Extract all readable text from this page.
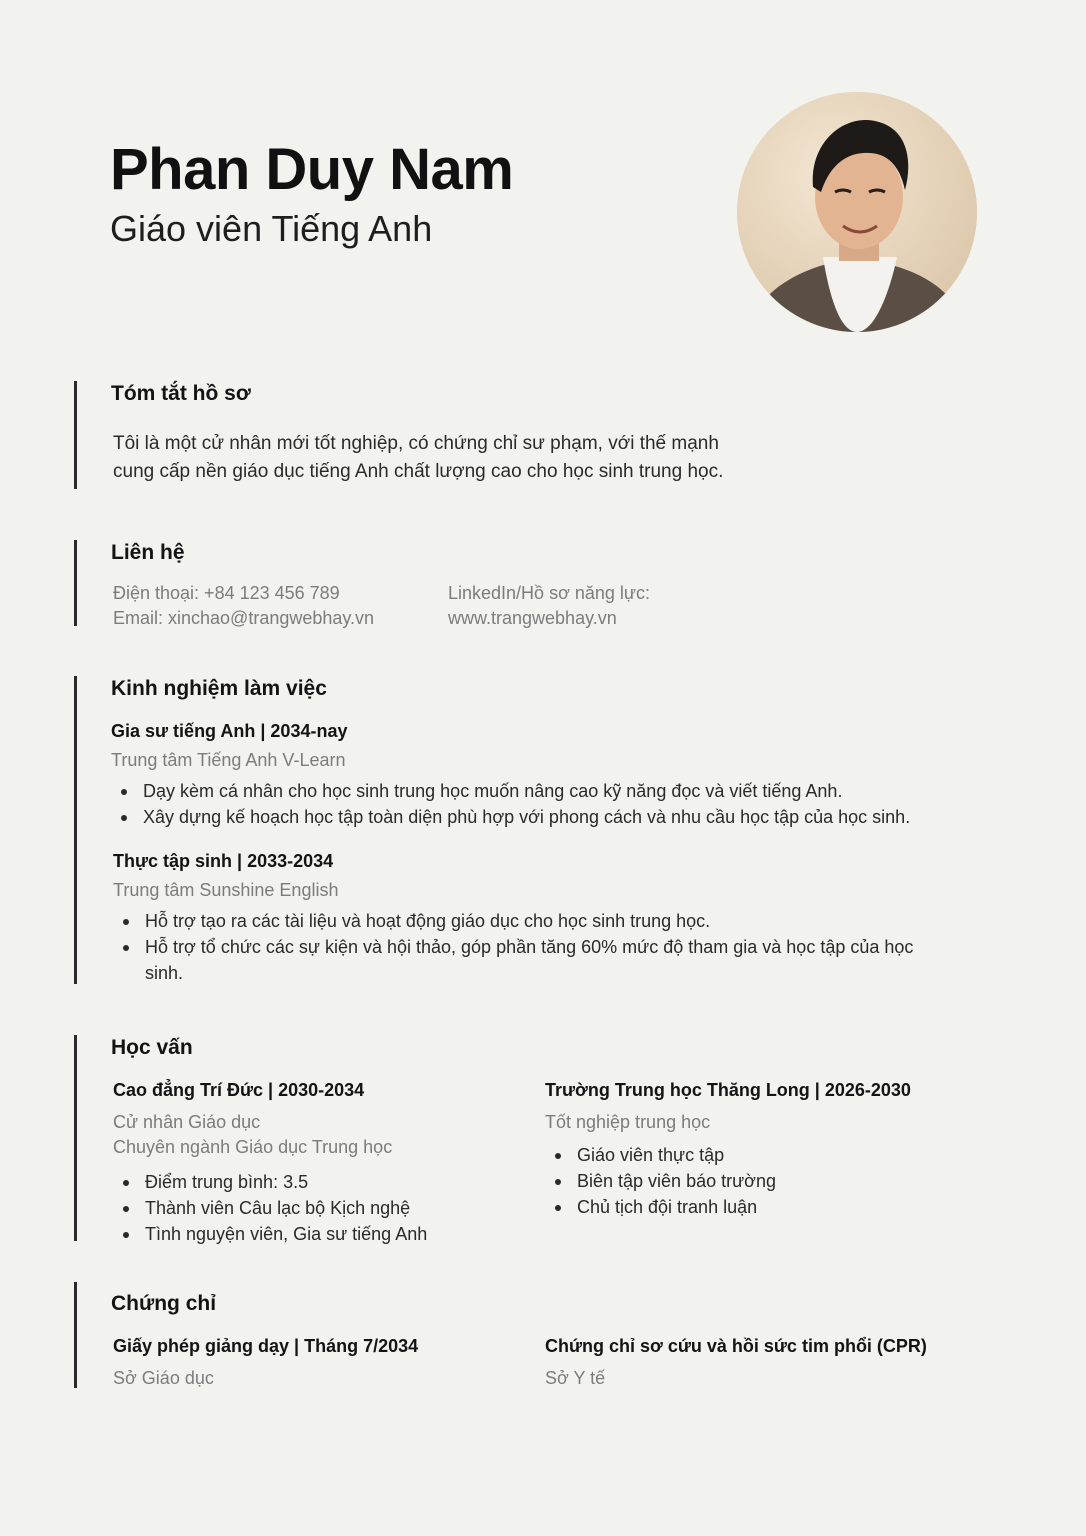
Phan Duy Nam
Giáo viên Tiếng Anh
Tóm tắt hồ sơ
Tôi là một cử nhân mới tốt nghiệp, có chứng chỉ sư phạm, với thế mạnh
cung cấp nền giáo dục tiếng Anh chất lượng cao cho học sinh trung học.
Liên hệ
Điện thoại: +84 123 456 789
Email: xinchao@trangwebhay.vn
LinkedIn/Hồ sơ năng lực:
www.trangwebhay.vn
Kinh nghiệm làm việc
Gia sư tiếng Anh | 2034-nay
Trung tâm Tiếng Anh V-Learn
Dạy kèm cá nhân cho học sinh trung học muốn nâng cao kỹ năng đọc và viết tiếng Anh.
Xây dựng kế hoạch học tập toàn diện phù hợp với phong cách và nhu cầu học tập của học sinh.
Thực tập sinh | 2033-2034
Trung tâm Sunshine English
Hỗ trợ tạo ra các tài liệu và hoạt động giáo dục cho học sinh trung học.
Hỗ trợ tổ chức các sự kiện và hội thảo, góp phần tăng 60% mức độ tham gia và học tập của học sinh.
Học vấn
Cao đẳng Trí Đức | 2030-2034
Cử nhân Giáo dục
Chuyên ngành Giáo dục Trung học
Điểm trung bình: 3.5
Thành viên Câu lạc bộ Kịch nghệ
Tình nguyện viên, Gia sư tiếng Anh
Trường Trung học Thăng Long | 2026-2030
Tốt nghiệp trung học
Giáo viên thực tập
Biên tập viên báo trường
Chủ tịch đội tranh luận
Chứng chỉ
Giấy phép giảng dạy | Tháng 7/2034
Sở Giáo dục
Chứng chỉ sơ cứu và hồi sức tim phổi (CPR)
Sở Y tế
